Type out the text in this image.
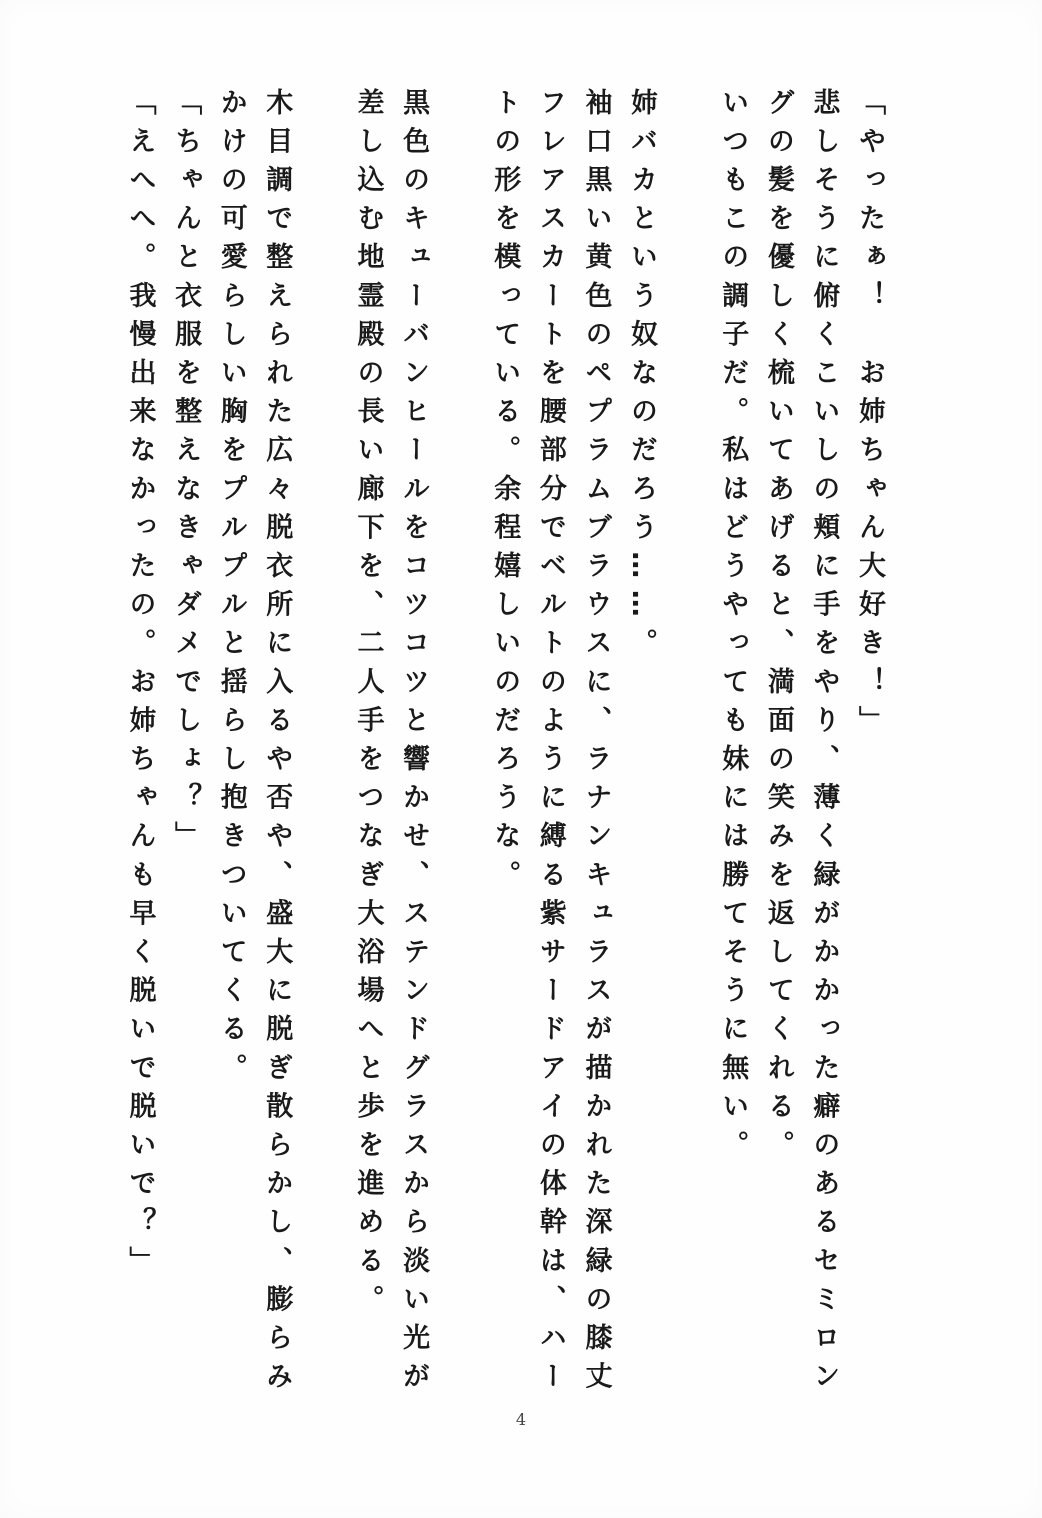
「やったぁ！　お姉ちゃん大好き！」

悲しそうに俯くこいしの頬に手をやり、薄く緑がかかった癖のあるセミロングの髪を優しく梳いてあげると、満面の笑みを返してくれる。

いつもこの調子だ。私はどうやっても妹には勝てそうに無い。

姉バカという奴なのだろう……。

袖口黒い黄色のペプラムブラウスに、ラナンキュラスが描かれた深緑の膝丈フレアスカートを腰部分でベルトのように縛る紫サードアイの体幹は、ハートの形を模っている。余程嬉しいのだろうな。

黒色のキューバンヒールをコツコツと響かせ、ステンドグラスから淡い光が差し込む地霊殿の長い廊下を、二人手をつなぎ大浴場へと歩を進める。

木目調で整えられた広々脱衣所に入るや否や、盛大に脱ぎ散らかし、膨らみかけの可愛らしい胸をプルプルと揺らし抱きついてくる。

「ちゃんと衣服を整えなきゃダメでしょ？」

「えへへ。我慢出来なかったの。お姉ちゃんも早く脱いで脱いで？」

4
